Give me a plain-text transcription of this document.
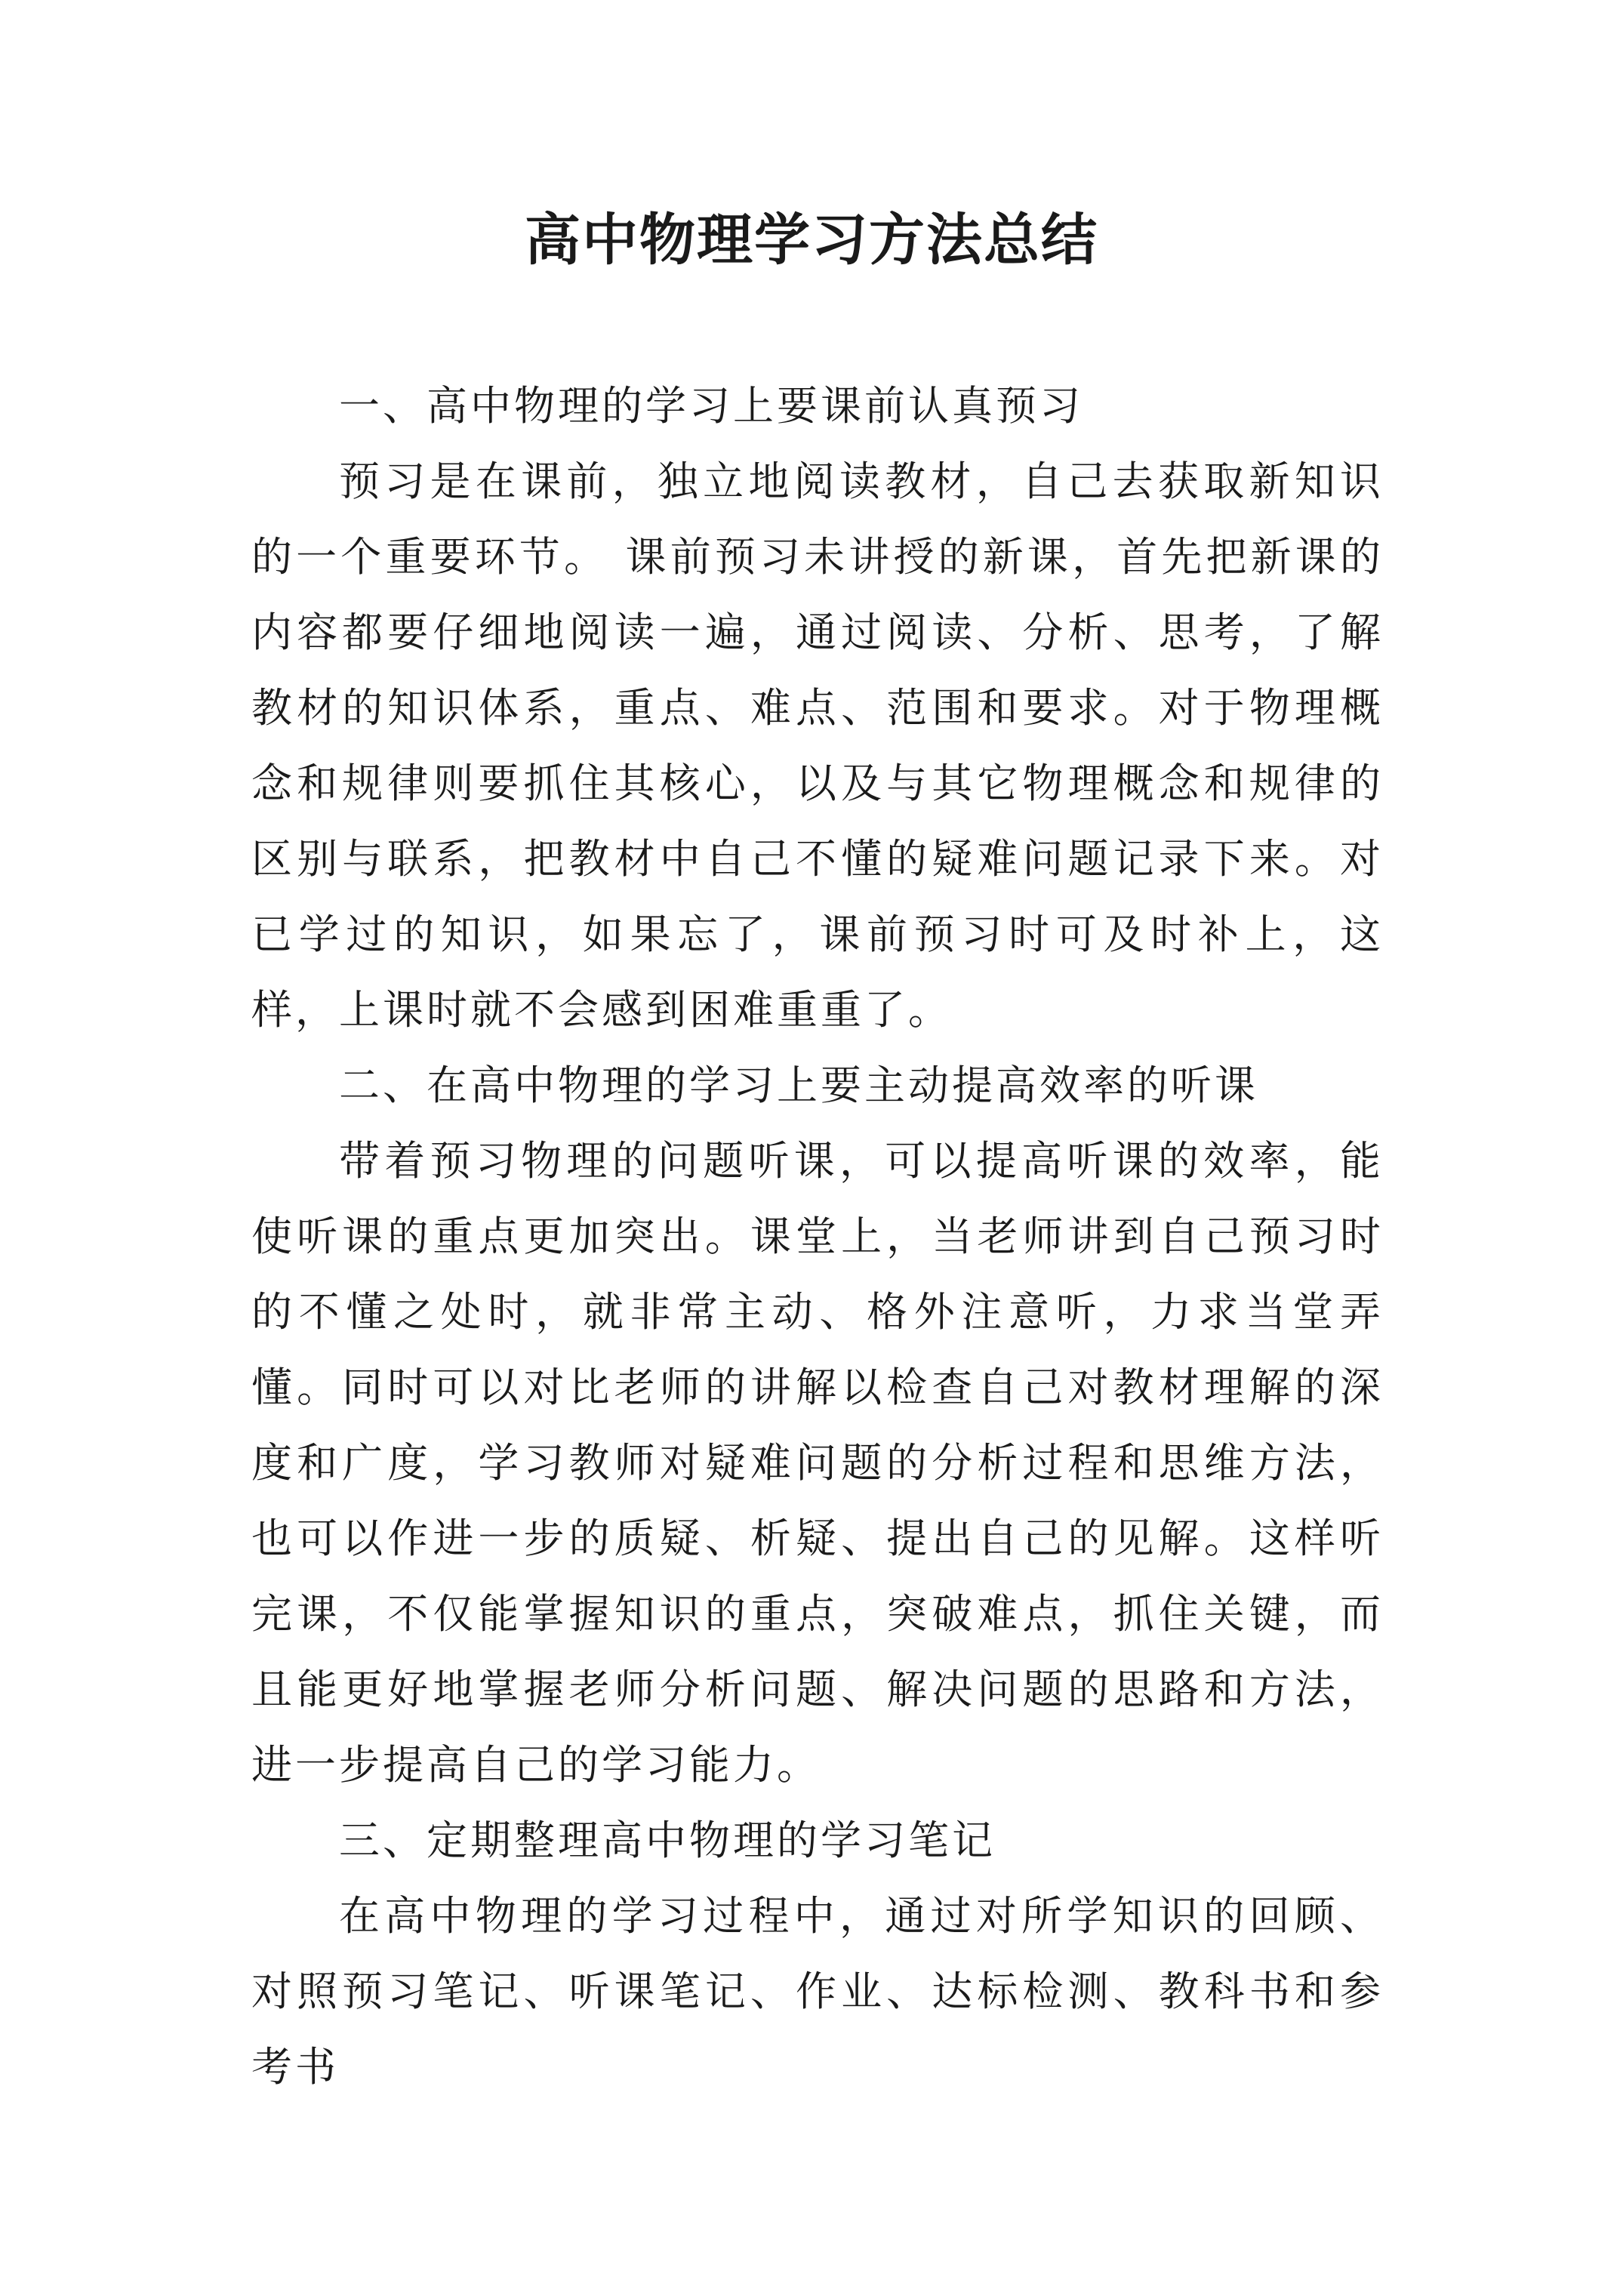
高中物理学习方法总结

一、高中物理的学习上要课前认真预习

预习是在课前，独立地阅读教材，自己去获取新知识的一个重要环节。 课前预习未讲授的新课，首先把新课的内容都要仔细地阅读一遍，通过阅读、分析、思考，了解教材的知识体系，重点、难点、范围和要求。对于物理概念和规律则要抓住其核心，以及与其它物理概念和规律的区别与联系，把教材中自己不懂的疑难问题记录下来。对已学过的知识，如果忘了，课前预习时可及时补上，这样，上课时就不会感到困难重重了。

二、在高中物理的学习上要主动提高效率的听课

带着预习物理的问题听课，可以提高听课的效率，能使听课的重点更加突出。课堂上，当老师讲到自己预习时的不懂之处时，就非常主动、格外注意听，力求当堂弄懂。同时可以对比老师的讲解以检查自己对教材理解的深度和广度，学习教师对疑难问题的分析过程和思维方法，也可以作进一步的质疑、析疑、提出自己的见解。这样听完课，不仅能掌握知识的重点，突破难点，抓住关键，而且能更好地掌握老师分析问题、解决问题的思路和方法，进一步提高自己的学习能力。

三、定期整理高中物理的学习笔记

在高中物理的学习过程中，通过对所学知识的回顾、对照预习笔记、听课笔记、作业、达标检测、教科书和参考书
